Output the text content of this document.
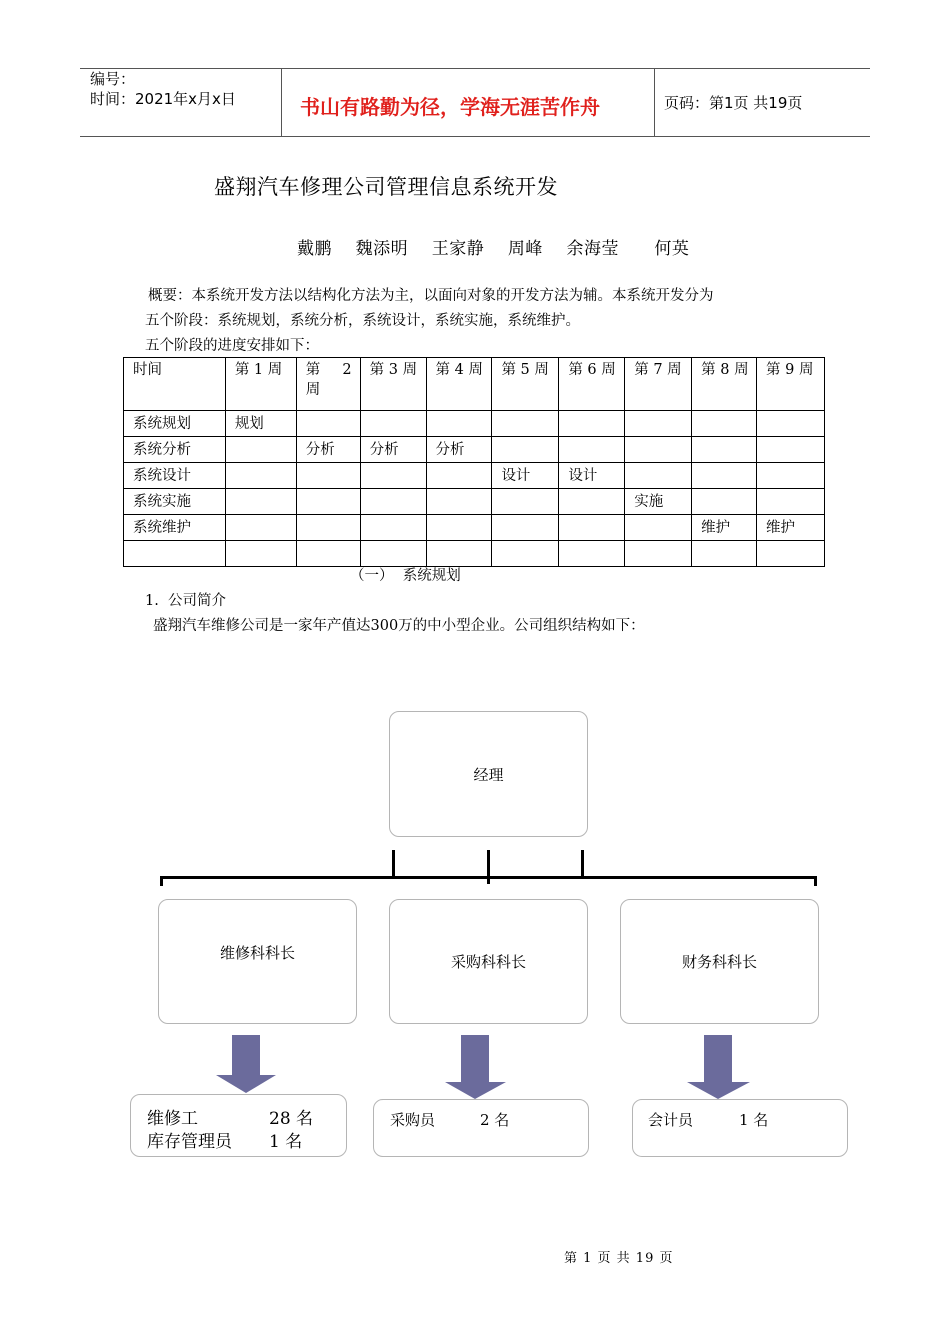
编号：
时间：2021年x月x日	书山有路勤为径，学海无涯苦作舟	页码：第1页 共19页
盛翔汽车修理公司管理信息系统开发
戴鹏    魏添明    王家静    周峰    余海莹      何英
概要：本系统开发方法以结构化方法为主，以面向对象的开发方法为辅。本系统开发分为
五个阶段：系统规划，系统分析，系统设计，系统实施，系统维护。
五个阶段的进度安排如下：
时间	第 1 周	第 2 周	第 3 周	第 4 周	第 5 周	第 6 周	第 7 周	第 8 周	第 9 周
系统规划	规划								
系统分析		分析	分析	分析					
系统设计					设计	设计			
系统实施							实施		
系统维护								维护	维护

（一）  系统规划
1.  公司简介
盛翔汽车维修公司是一家年产值达300万的中小型企业。公司组织结构如下：
经理
维修科科长	采购科科长	财务科科长
维修工	28 名
库存管理员 1 名
采购员	2 名	会计员	1 名
第 1 页 共 19 页
